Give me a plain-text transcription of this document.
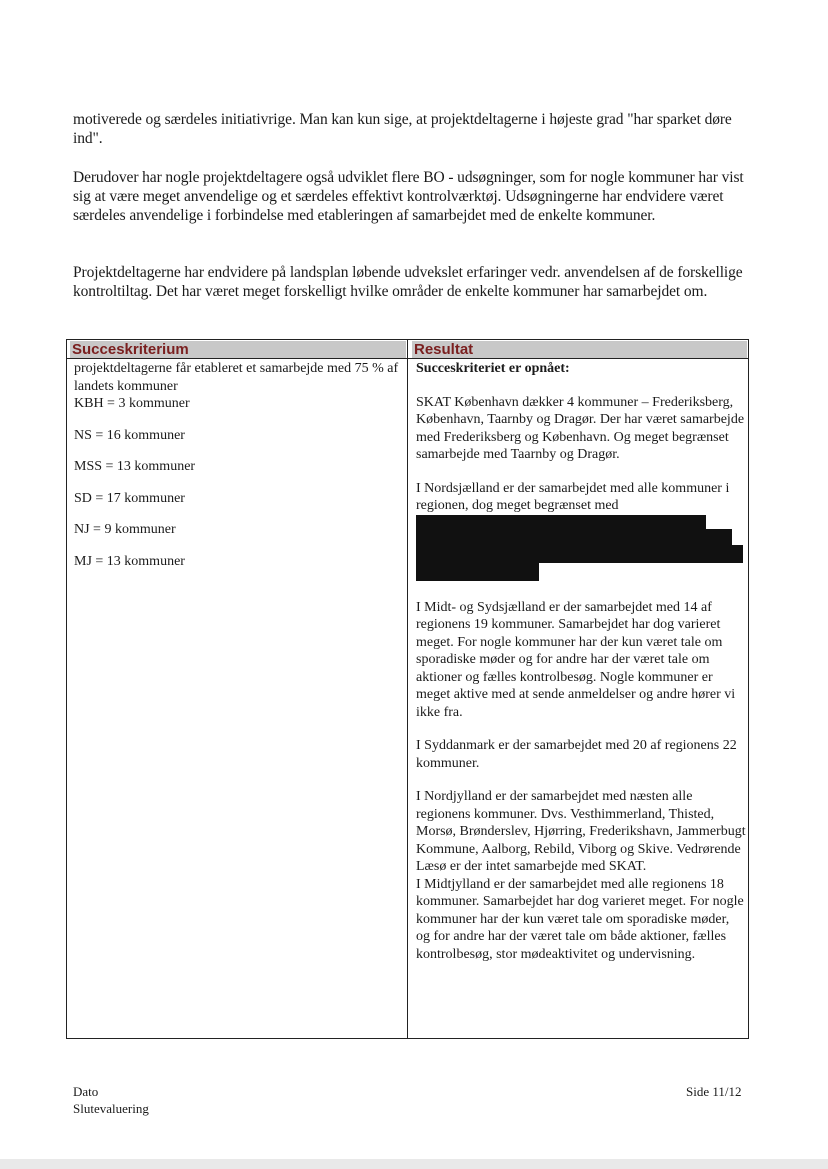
motiverede og særdeles initiativrige. Man kan kun sige, at projektdeltagerne i højeste grad "har sparket døre ind".

Derudover har nogle projektdeltagere også udviklet flere BO - udsøgninger, som for nogle kommuner har vist sig at være meget anvendelige og et særdeles effektivt kontrolværktøj. Udsøgningerne har endvidere været særdeles anvendelige i forbindelse med etableringen af samarbejdet med de enkelte kommuner.

Projektdeltagerne har endvidere på landsplan løbende udvekslet erfaringer vedr. anvendelsen af de forskellige kontroltiltag. Det har været meget forskelligt hvilke områder de enkelte kommuner har samarbejdet om.

Succeskriterium	Resultat

projektdeltagerne får etableret et samarbejde med 75 % af landets kommuner

KBH = 3 kommuner

NS = 16 kommuner

MSS = 13 kommuner

SD = 17 kommuner

NJ = 9 kommuner

MJ = 13 kommuner

Succeskriteriet er opnået:

SKAT København dækker 4 kommuner – Frederiksberg, København, Taarnby og Dragør. Der har været samarbejde med Frederiksberg og København. Og meget begrænset samarbejde med Taarnby og Dragør.

I Nordsjælland er der samarbejdet med alle kommuner i regionen, dog meget begrænset med

I Midt- og Sydsjælland er der samarbejdet med 14 af regionens 19 kommuner. Samarbejdet har dog varieret meget. For nogle kommuner har der kun været tale om sporadiske møder og for andre har der været tale om aktioner og fælles kontrolbesøg. Nogle kommuner er meget aktive med at sende anmeldelser og andre hører vi ikke fra.

I Syddanmark er der samarbejdet med 20 af regionens 22 kommuner.

I Nordjylland er der samarbejdet med næsten alle regionens kommuner. Dvs. Vesthimmerland, Thisted, Morsø, Brønderslev, Hjørring, Frederikshavn, Jammerbugt Kommune, Aalborg, Rebild, Viborg og Skive. Vedrørende Læsø er der intet samarbejde med SKAT.

I Midtjylland er der samarbejdet med alle regionens 18 kommuner. Samarbejdet har dog varieret meget. For nogle kommuner har der kun været tale om sporadiske møder, og for andre har der været tale om både aktioner, fælles kontrolbesøg, stor mødeaktivitet og undervisning.

Dato
Slutevaluering
Side 11/12
